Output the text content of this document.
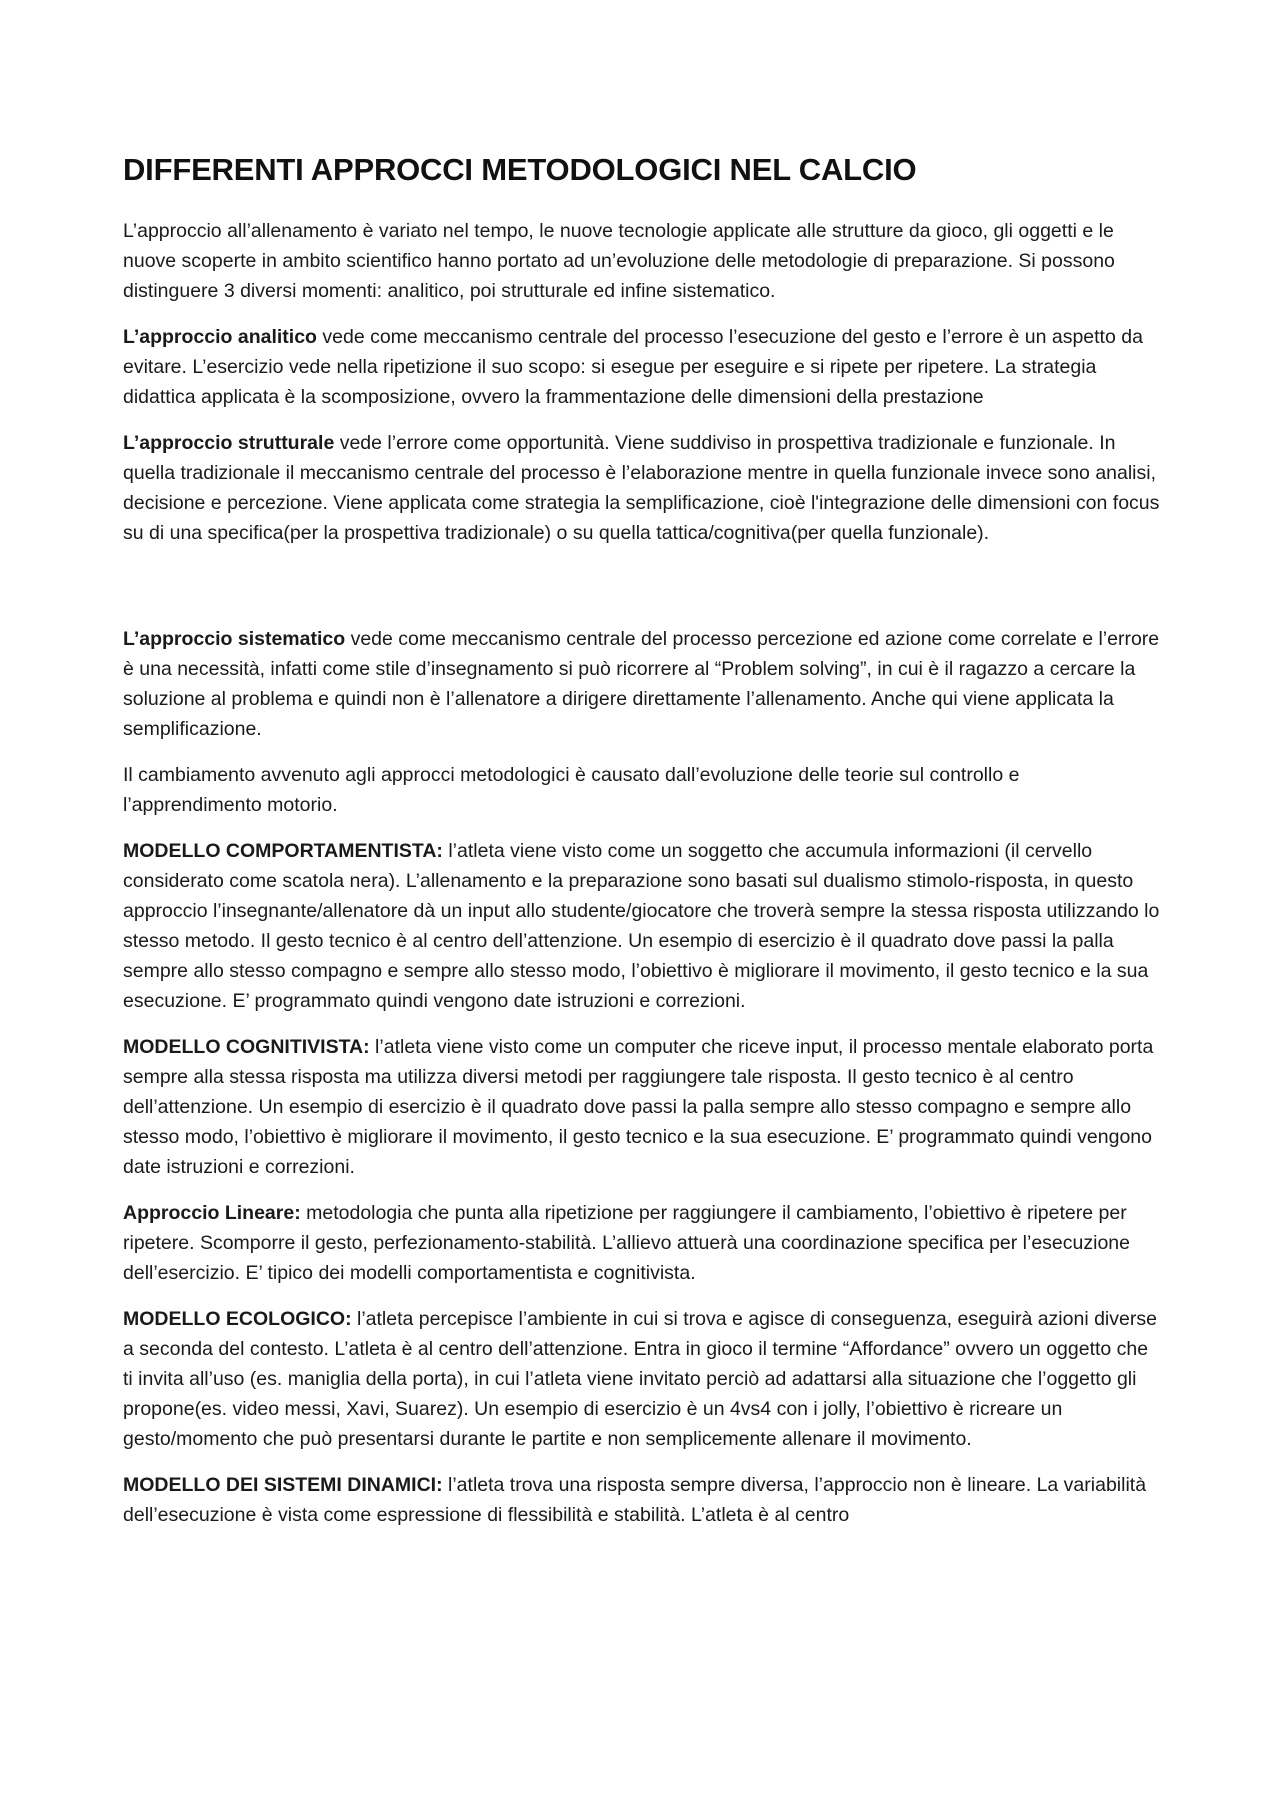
DIFFERENTI APPROCCI METODOLOGICI NEL CALCIO

L’approccio all’allenamento è variato nel tempo, le nuove tecnologie applicate alle strutture da gioco, gli oggetti e le nuove scoperte in ambito scientifico hanno portato ad un’evoluzione delle metodologie di preparazione. Si possono distinguere 3 diversi momenti: analitico, poi strutturale ed infine sistematico.

L’approccio analitico vede come meccanismo centrale del processo l’esecuzione del gesto e l’errore è un aspetto da evitare. L’esercizio vede nella ripetizione il suo scopo: si esegue per eseguire e si ripete per ripetere. La strategia didattica applicata è la scomposizione, ovvero la frammentazione delle dimensioni della prestazione

L’approccio strutturale vede l’errore come opportunità. Viene suddiviso in prospettiva tradizionale e funzionale. In quella tradizionale il meccanismo centrale del processo è l’elaborazione mentre in quella funzionale invece sono analisi, decisione e percezione. Viene applicata come strategia la semplificazione, cioè l'integrazione delle dimensioni con focus su di una specifica(per la prospettiva tradizionale) o su quella tattica/cognitiva(per quella funzionale).

L’approccio sistematico vede come meccanismo centrale del processo percezione ed azione come correlate e l’errore è una necessità, infatti come stile d’insegnamento si può ricorrere al “Problem solving”, in cui è il ragazzo a cercare la soluzione al problema e quindi non è l’allenatore a dirigere direttamente l’allenamento. Anche qui viene applicata la semplificazione.

Il cambiamento avvenuto agli approcci metodologici è causato dall’evoluzione delle teorie sul controllo e l’apprendimento motorio.

MODELLO COMPORTAMENTISTA: l’atleta viene visto come un soggetto che accumula informazioni (il cervello considerato come scatola nera). L’allenamento e la preparazione sono basati sul dualismo stimolo-risposta, in questo approccio l’insegnante/allenatore dà un input allo studente/giocatore che troverà sempre la stessa risposta utilizzando lo stesso metodo. Il gesto tecnico è al centro dell’attenzione. Un esempio di esercizio è il quadrato dove passi la palla sempre allo stesso compagno e sempre allo stesso modo, l’obiettivo è migliorare il movimento, il gesto tecnico e la sua esecuzione. E’ programmato quindi vengono date istruzioni e correzioni.

MODELLO COGNITIVISTA: l’atleta viene visto come un computer che riceve input, il processo mentale elaborato porta sempre alla stessa risposta ma utilizza diversi metodi per raggiungere tale risposta. Il gesto tecnico è al centro dell’attenzione. Un esempio di esercizio è il quadrato dove passi la palla sempre allo stesso compagno e sempre allo stesso modo, l’obiettivo è migliorare il movimento, il gesto tecnico e la sua esecuzione. E’ programmato quindi vengono date istruzioni e correzioni.

Approccio Lineare: metodologia che punta alla ripetizione per raggiungere il cambiamento, l’obiettivo è ripetere per ripetere. Scomporre il gesto, perfezionamento-stabilità. L’allievo attuerà una coordinazione specifica per l’esecuzione dell’esercizio. E’ tipico dei modelli comportamentista e cognitivista.

MODELLO ECOLOGICO: l’atleta percepisce l’ambiente in cui si trova e agisce di conseguenza, eseguirà azioni diverse a seconda del contesto. L’atleta è al centro dell’attenzione. Entra in gioco il termine “Affordance” ovvero un oggetto che ti invita all’uso (es. maniglia della porta), in cui l’atleta viene invitato perciò ad adattarsi alla situazione che l’oggetto gli propone(es. video messi, Xavi, Suarez). Un esempio di esercizio è un 4vs4 con i jolly, l’obiettivo è ricreare un gesto/momento che può presentarsi durante le partite e non semplicemente allenare il movimento.

MODELLO DEI SISTEMI DINAMICI: l’atleta trova una risposta sempre diversa, l’approccio non è lineare. La variabilità dell’esecuzione è vista come espressione di flessibilità e stabilità. L’atleta è al centro
